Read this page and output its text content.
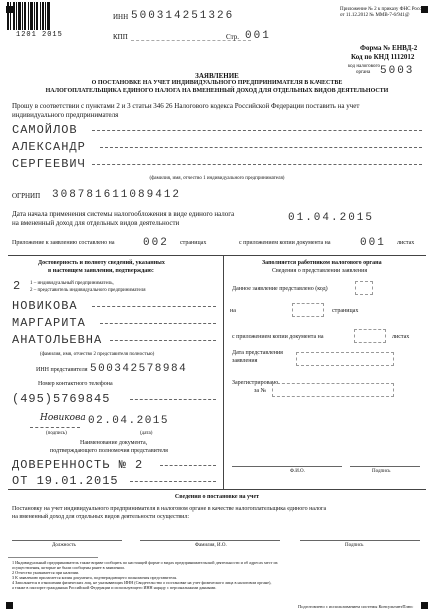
1201 2015
ИНН 500314251326
КПП	Стр. 001
Приложение № 2 к приказу ФНС России
от 11.12.2012 № ММВ-7-6/941@
Форма № ЕНВД-2
Код по КНД 1112012
код налогового
органа 5003
ЗАЯВЛЕНИЕ
О ПОСТАНОВКЕ НА УЧЕТ ИНДИВИДУАЛЬНОГО ПРЕДПРИНИМАТЕЛЯ В КАЧЕСТВЕ
НАЛОГОПЛАТЕЛЬЩИКА ЕДИНОГО НАЛОГА НА ВМЕНЕННЫЙ ДОХОД ДЛЯ ОТДЕЛЬНЫХ ВИДОВ ДЕЯТЕЛЬНОСТИ
Прошу в соответствии с пунктами 2 и 3 статьи 346 26 Налогового кодекса Российской Федерации поставить на учет
индивидуального предпринимателя
САМОЙЛОВ
АЛЕКСАНДР
СЕРГЕЕВИЧ
(фамилия, имя, отчество 1 индивидуального предпринимателя)
ОГРНИП 308781611089412
Дата начала применения системы налогообложения в виде единого налога
на вмененный доход для отдельных видов деятельности	01.04.2015
Приложение к заявлению составлено на	002 страницах	с приложением копии документа на	001 листах
Достоверность и полноту сведений, указанных
в настоящем заявлении, подтверждаю:
2 1 – индивидуальный предприниматель,
2 – представитель индивидуального предпринимателя
НОВИКОВА
МАРГАРИТА
АНАТОЛЬЕВНА
(фамилия, имя, отчество 2 представителя полностью)
ИНН представителя 500342578984
Номер контактного телефона
(495)5769845
Новикова 02.04.2015
(подпись)	(дата)
Наименование документа,
подтверждающего полномочия представителя
ДОВЕРЕННОСТЬ № 2
ОТ 19.01.2015
Заполняется работником налогового органа
Сведения о представлении заявления
Данное заявление представлено (код)
на	страницах
с приложением копии документа на	листах
Дата представления
заявления
Зарегистрировано
за №
Ф.И.О.	Подпись
Сведения о постановке на учет
Постановку на учет индивидуального предпринимателя в налоговом органе в качестве налогоплательщика единого налога
на вмененный доход для отдельных видов деятельности осуществил:
Должность	Фамилия, И.О.	Подпись
1 Индивидуальный предприниматель также вправе сообщить по настоящей форме о видах предпринимательской деятельности и об адресах мест их
осуществления, которые не были сообщены ранее в заявлении.
2 Отчество указывается при наличии.
3 К заявлению прилагается копия документа, подтверждающего полномочия представителя.
4 Заполняется в отношении физических лиц, не указывающих ИНН (Свидетельство о постановке на учет физического лица в налоговом органе),
а также в паспорте гражданина Российской Федерации и использующего ИНН наряду с персональными данными.
Подготовлено с использованием системы КонсультантПлюс
